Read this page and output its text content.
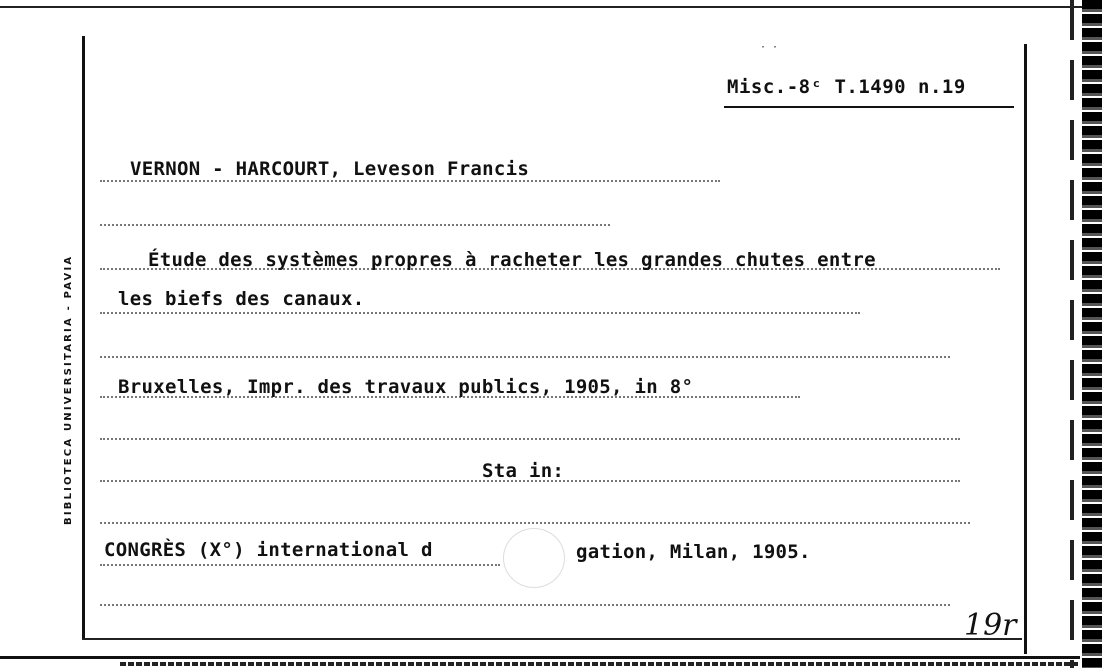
· ·
BIBLIOTECA UNIVERSITARIA - PAVIA
Misc.-8ᶜ T.1490 n.19
VERNON - HARCOURT, Leveson Francis
Étude des systèmes propres à racheter les grandes chutes entre
les biefs des canaux.
Bruxelles, Impr. des travaux publics, 1905, in 8°
Sta in:
CONGRÈS (X°) international d	gation, Milan, 1905.
19r
